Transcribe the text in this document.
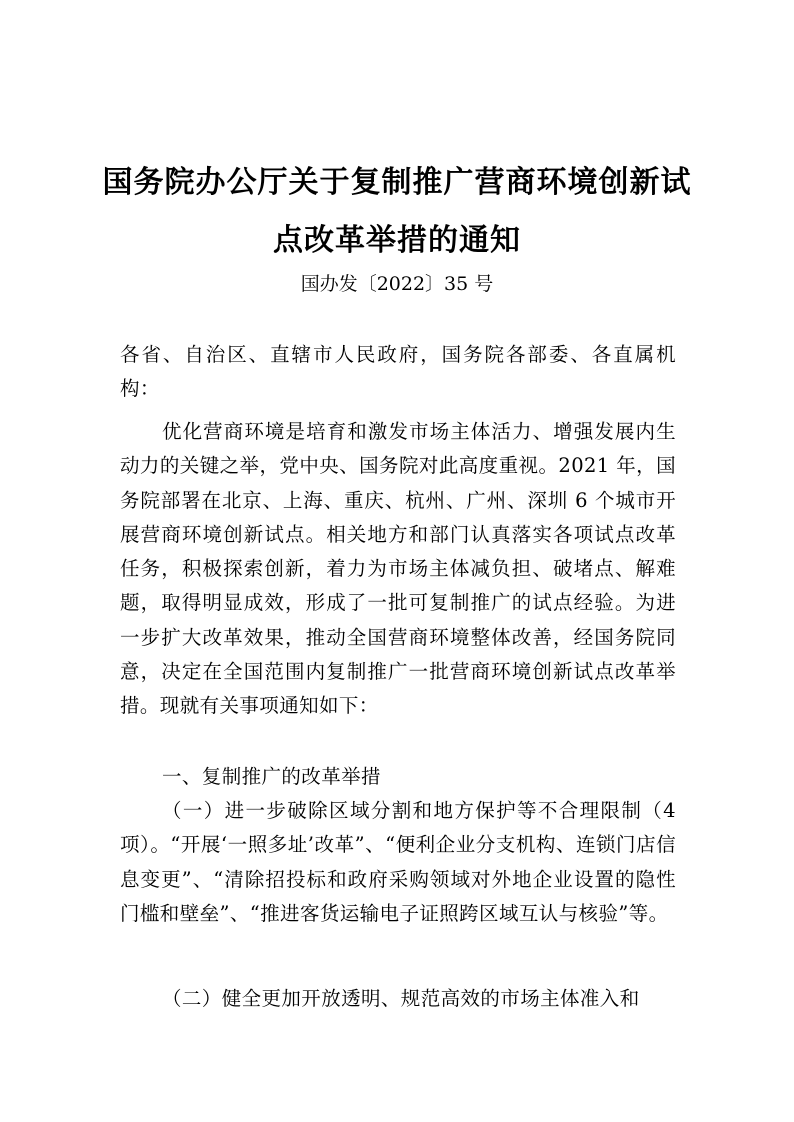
国务院办公厅关于复制推广营商环境创新试
点改革举措的通知
国办发〔2022〕35 号
各省、自治区、直辖市人民政府，国务院各部委、各直属机构：
优化营商环境是培育和激发市场主体活力、增强发展内生动力的关键之举，党中央、国务院对此高度重视。2021 年，国务院部署在北京、上海、重庆、杭州、广州、深圳 6 个城市开展营商环境创新试点。相关地方和部门认真落实各项试点改革任务，积极探索创新，着力为市场主体减负担、破堵点、解难题，取得明显成效，形成了一批可复制推广的试点经验。为进一步扩大改革效果，推动全国营商环境整体改善，经国务院同意，决定在全国范围内复制推广一批营商环境创新试点改革举措。现就有关事项通知如下：
一、复制推广的改革举措
（一）进一步破除区域分割和地方保护等不合理限制（4项）。“开展‘一照多址’改革”、“便利企业分支机构、连锁门店信息变更”、“清除招投标和政府采购领域对外地企业设置的隐性门槛和壁垒”、“推进客货运输电子证照跨区域互认与核验”等。
（二）健全更加开放透明、规范高效的市场主体准入和
